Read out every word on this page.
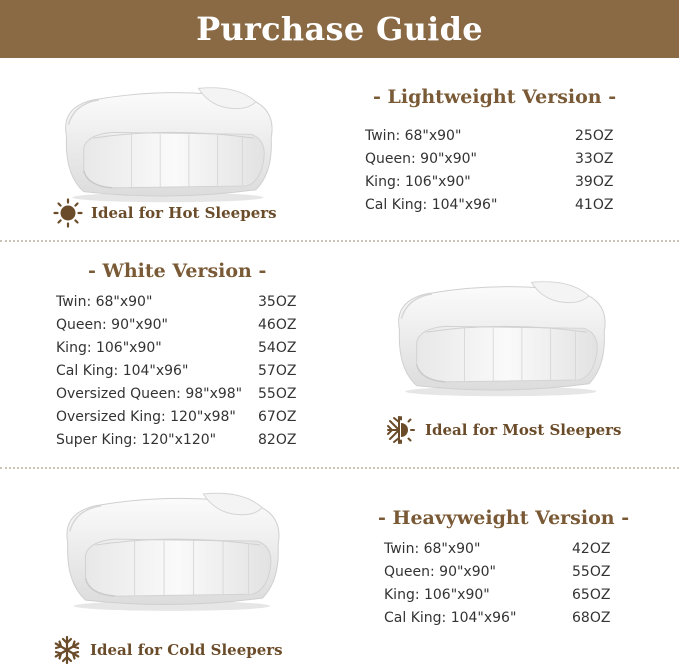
Purchase Guide
Ideal for Hot Sleepers
- Lightweight Version -
Twin: 68"x90"	25OZ
Queen: 90"x90"	33OZ
King: 106"x90"	39OZ
Cal King: 104"x96"	41OZ
- White Version -
Twin: 68"x90"	35OZ
Queen: 90"x90"	46OZ
King: 106"x90"	54OZ
Cal King: 104"x96"	57OZ
Oversized Queen: 98"x98" 55OZ
Oversized King: 120"x98" 67OZ
Super King: 120"x120"	82OZ
Ideal for Most Sleepers
Ideal for Cold Sleepers
- Heavyweight Version -
Twin: 68"x90"	42OZ
Queen: 90"x90"	55OZ
King: 106"x90"	65OZ
Cal King: 104"x96"	68OZ
